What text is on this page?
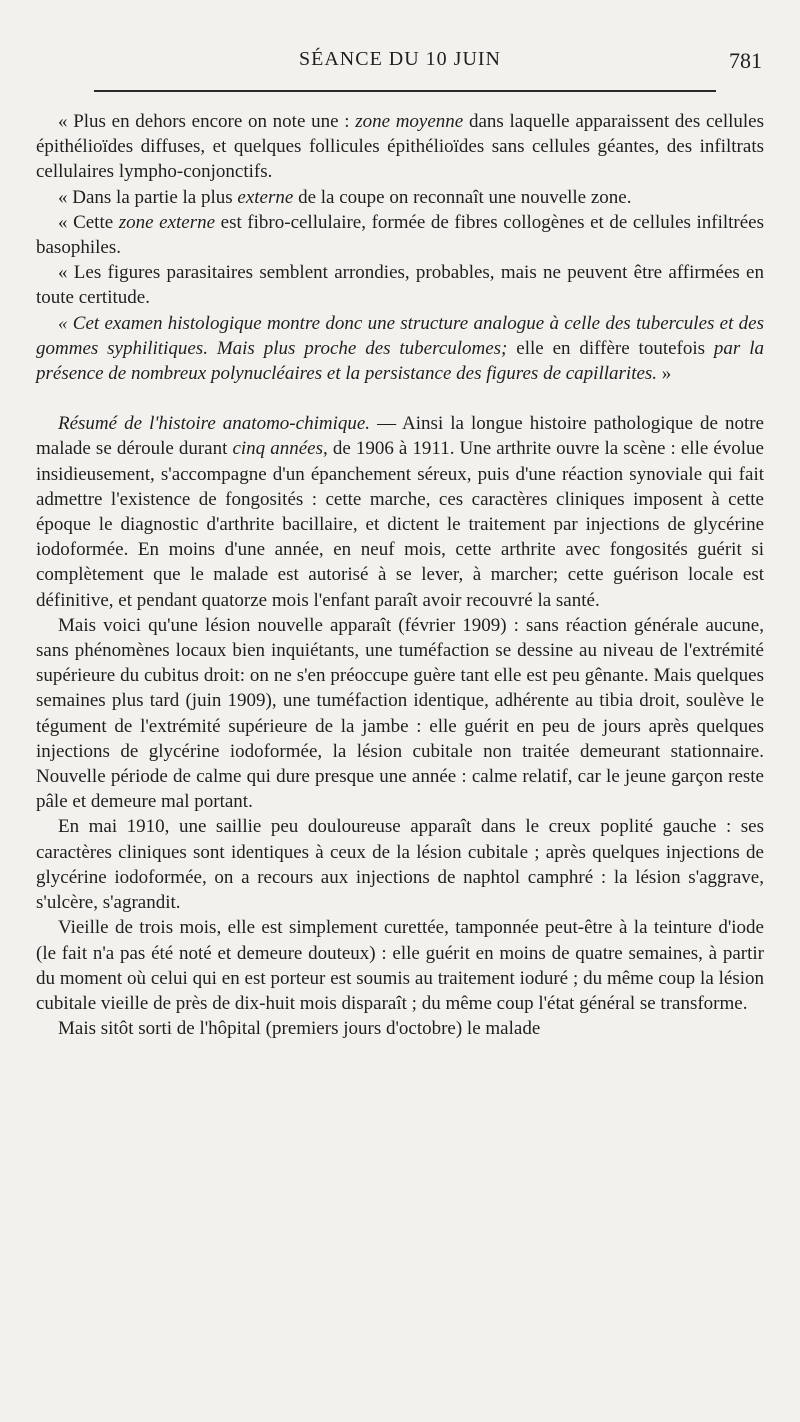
SÉANCE DU 10 JUIN	781

« Plus en dehors encore on note une : zone moyenne dans laquelle apparaissent des cellules épithélioïdes diffuses, et quelques follicules épithélioïdes sans cellules géantes, des infiltrats cellulaires lympho-conjonctifs.

« Dans la partie la plus externe de la coupe on reconnaît une nouvelle zone.

« Cette zone externe est fibro-cellulaire, formée de fibres collogènes et de cellules infiltrées basophiles.

« Les figures parasitaires semblent arrondies, probables, mais ne peuvent être affirmées en toute certitude.

« Cet examen histologique montre donc une structure analogue à celle des tubercules et des gommes syphilitiques. Mais plus proche des tuberculomes; elle en diffère toutefois par la présence de nombreux polynucléaires et la persistance des figures de capillarites. »

Résumé de l'histoire anatomo-chimique. — Ainsi la longue histoire pathologique de notre malade se déroule durant cinq années, de 1906 à 1911. Une arthrite ouvre la scène : elle évolue insidieusement, s'accompagne d'un épanchement séreux, puis d'une réaction synoviale qui fait admettre l'existence de fongosités : cette marche, ces caractères cliniques imposent à cette époque le diagnostic d'arthrite bacillaire, et dictent le traitement par injections de glycérine iodoformée. En moins d'une année, en neuf mois, cette arthrite avec fongosités guérit si complètement que le malade est autorisé à se lever, à marcher; cette guérison locale est définitive, et pendant quatorze mois l'enfant paraît avoir recouvré la santé.

Mais voici qu'une lésion nouvelle apparaît (février 1909) : sans réaction générale aucune, sans phénomènes locaux bien inquiétants, une tuméfaction se dessine au niveau de l'extrémité supérieure du cubitus droit: on ne s'en préoccupe guère tant elle est peu gênante. Mais quelques semaines plus tard (juin 1909), une tuméfaction identique, adhérente au tibia droit, soulève le tégument de l'extrémité supérieure de la jambe : elle guérit en peu de jours après quelques injections de glycérine iodoformée, la lésion cubitale non traitée demeurant stationnaire. Nouvelle période de calme qui dure presque une année : calme relatif, car le jeune garçon reste pâle et demeure mal portant.

En mai 1910, une saillie peu douloureuse apparaît dans le creux poplité gauche : ses caractères cliniques sont identiques à ceux de la lésion cubitale ; après quelques injections de glycérine iodoformée, on a recours aux injections de naphtol camphré : la lésion s'aggrave, s'ulcère, s'agrandit.

Vieille de trois mois, elle est simplement curettée, tamponnée peut-être à la teinture d'iode (le fait n'a pas été noté et demeure douteux) : elle guérit en moins de quatre semaines, à partir du moment où celui qui en est porteur est soumis au traitement ioduré ; du même coup la lésion cubitale vieille de près de dix-huit mois disparaît ; du même coup l'état général se transforme.

Mais sitôt sorti de l'hôpital (premiers jours d'octobre) le malade
